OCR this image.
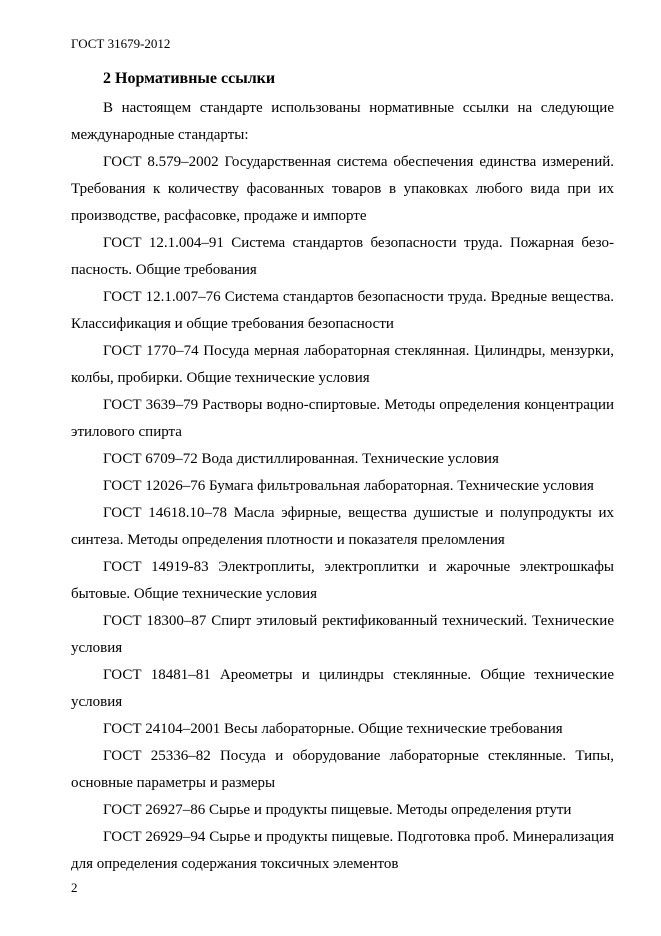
ГОСТ 31679-2012
2 Нормативные ссылки

В настоящем стандарте использованы нормативные ссылки на следующие международные стандарты:

ГОСТ 8.579–2002 Государственная система обеспечения единства измерений. Требования к количеству фасованных товаров в упаковках любого вида при их производстве, расфасовке, продаже и импорте

ГОСТ 12.1.004–91 Система стандартов безопасности труда. Пожарная безопасность. Общие требования

ГОСТ 12.1.007–76 Система стандартов безопасности труда. Вредные вещества. Классификация и общие требования безопасности

ГОСТ 1770–74 Посуда мерная лабораторная стеклянная. Цилиндры, мензурки, колбы, пробирки. Общие технические условия

ГОСТ 3639–79 Растворы водно-спиртовые. Методы определения концентрации этилового спирта

ГОСТ 6709–72 Вода дистиллированная. Технические условия

ГОСТ 12026–76 Бумага фильтровальная лабораторная. Технические условия

ГОСТ 14618.10–78 Масла эфирные, вещества душистые и полупродукты их синтеза. Методы определения плотности и показателя преломления

ГОСТ 14919-83 Электроплиты, электроплитки и жарочные электрошкафы бытовые. Общие технические условия

ГОСТ 18300–87 Спирт этиловый ректификованный технический. Технические условия

ГОСТ 18481–81 Ареометры и цилиндры стеклянные. Общие технические условия

ГОСТ 24104–2001 Весы лабораторные. Общие технические требования

ГОСТ 25336–82 Посуда и оборудование лабораторные стеклянные. Типы, основные параметры и размеры

ГОСТ 26927–86 Сырье и продукты пищевые. Методы определения ртути

ГОСТ 26929–94 Сырье и продукты пищевые. Подготовка проб. Минерализация для определения содержания токсичных элементов

2
